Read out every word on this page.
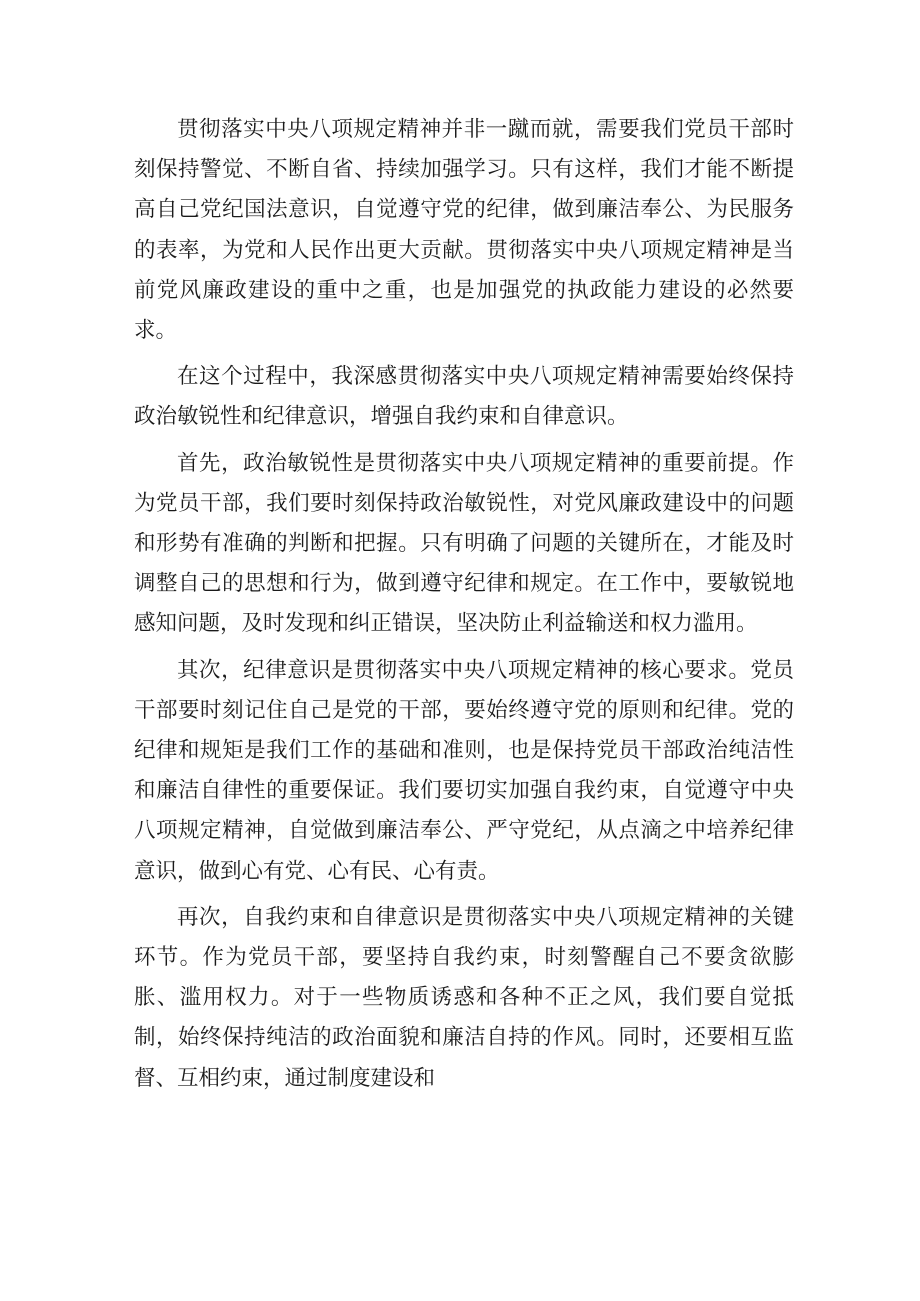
贯彻落实中央八项规定精神并非一蹴而就，需要我们党员干部时刻保持警觉、不断自省、持续加强学习。只有这样，我们才能不断提高自己党纪国法意识，自觉遵守党的纪律，做到廉洁奉公、为民服务的表率，为党和人民作出更大贡献。贯彻落实中央八项规定精神是当前党风廉政建设的重中之重，也是加强党的执政能力建设的必然要求。

在这个过程中，我深感贯彻落实中央八项规定精神需要始终保持政治敏锐性和纪律意识，增强自我约束和自律意识。

首先，政治敏锐性是贯彻落实中央八项规定精神的重要前提。作为党员干部，我们要时刻保持政治敏锐性，对党风廉政建设中的问题和形势有准确的判断和把握。只有明确了问题的关键所在，才能及时调整自己的思想和行为，做到遵守纪律和规定。在工作中，要敏锐地感知问题，及时发现和纠正错误，坚决防止利益输送和权力滥用。

其次，纪律意识是贯彻落实中央八项规定精神的核心要求。党员干部要时刻记住自己是党的干部，要始终遵守党的原则和纪律。党的纪律和规矩是我们工作的基础和准则，也是保持党员干部政治纯洁性和廉洁自律性的重要保证。我们要切实加强自我约束，自觉遵守中央八项规定精神，自觉做到廉洁奉公、严守党纪，从点滴之中培养纪律意识，做到心有党、心有民、心有责。

再次，自我约束和自律意识是贯彻落实中央八项规定精神的关键环节。作为党员干部，要坚持自我约束，时刻警醒自己不要贪欲膨胀、滥用权力。对于一些物质诱惑和各种不正之风，我们要自觉抵制，始终保持纯洁的政治面貌和廉洁自持的作风。同时，还要相互监督、互相约束，通过制度建设和
